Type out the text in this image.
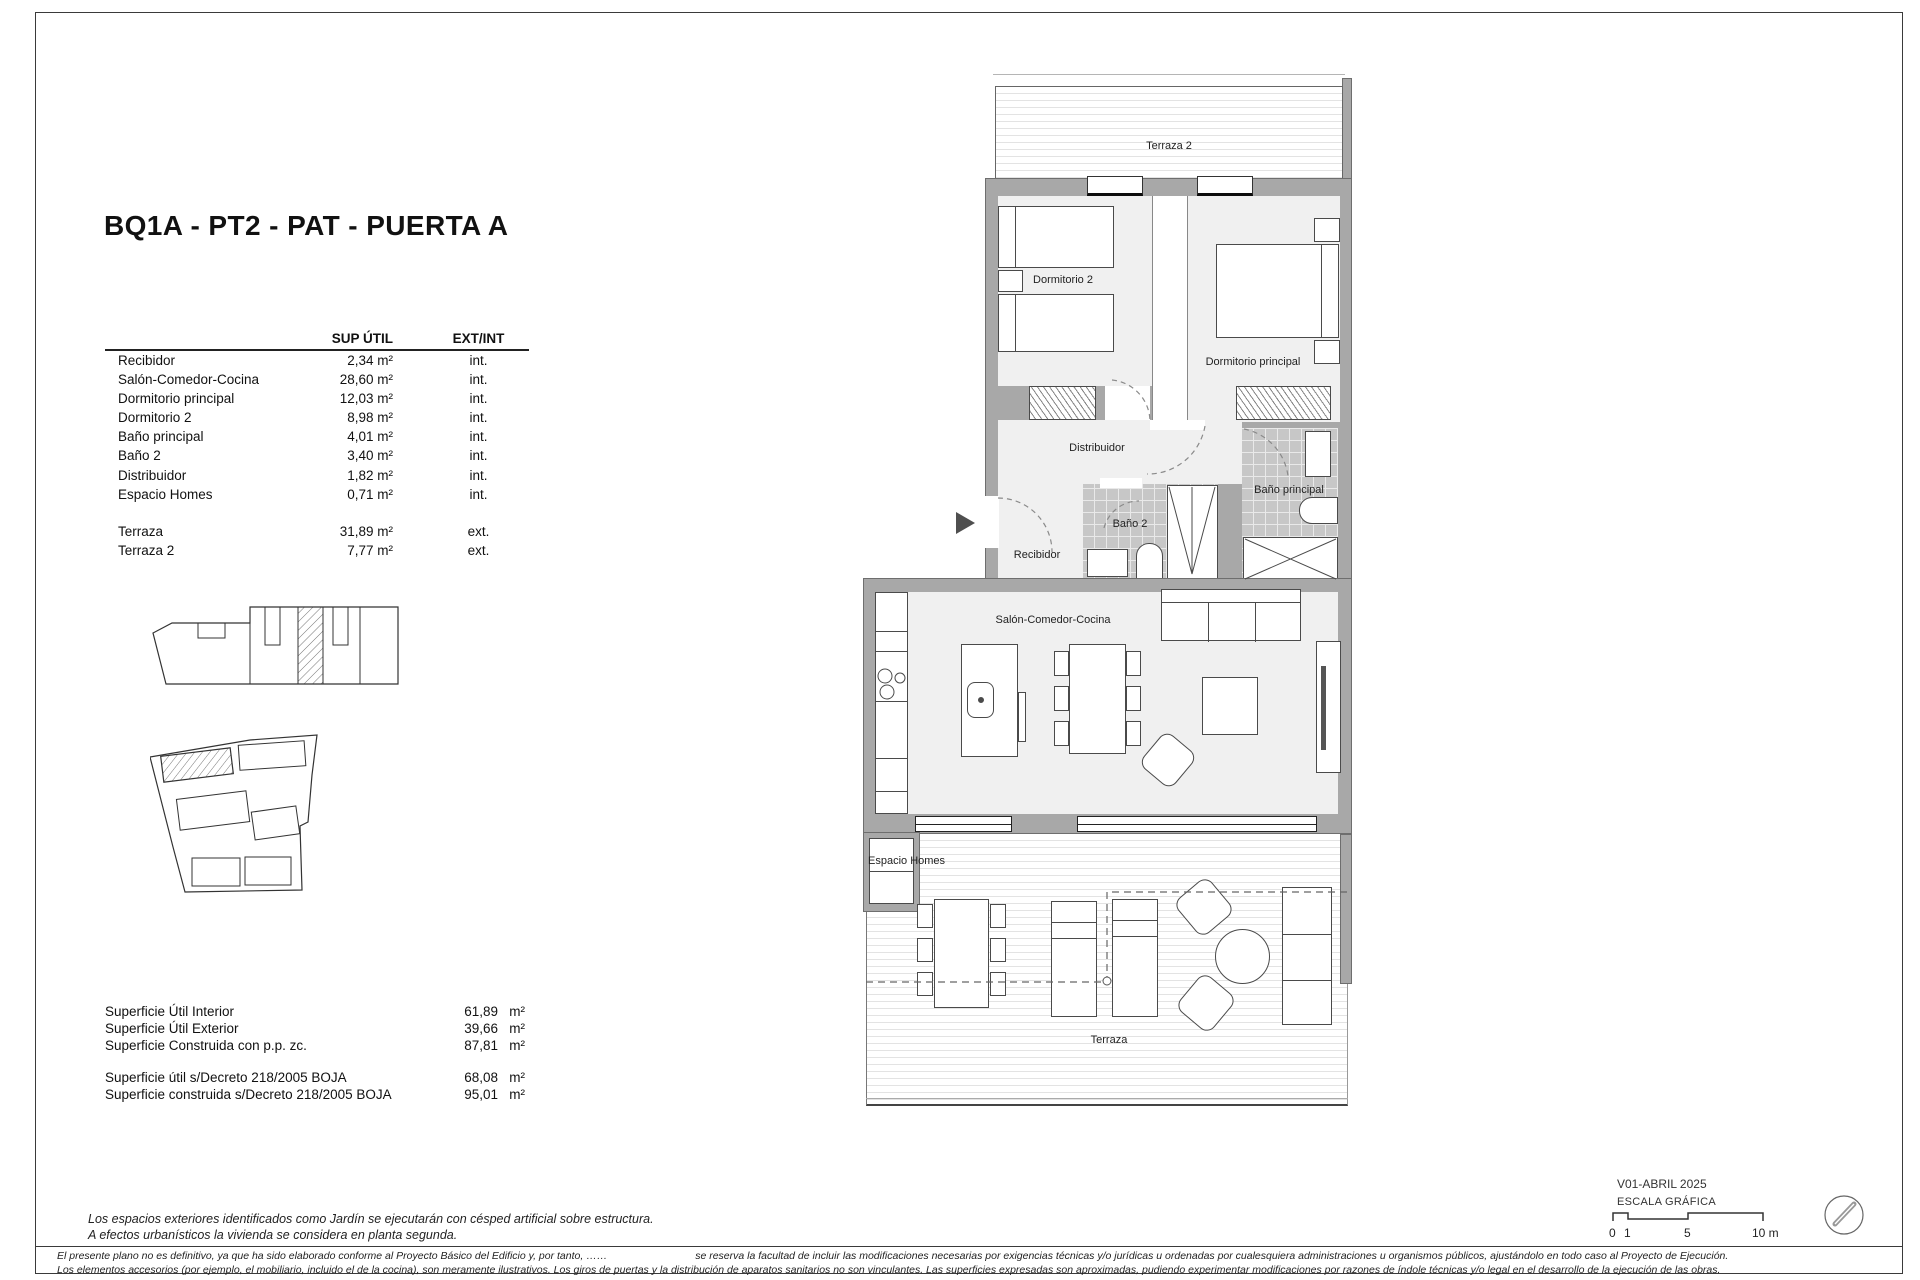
BQ1A - PT2 - PAT - PUERTA A
SUP ÚTIL	EXT/INT
Recibidor	2,34 m²	int.
Salón-Comedor-Cocina	28,60 m²	int.
Dormitorio principal	12,03 m²	int.
Dormitorio 2	8,98 m²	int.
Baño principal	4,01 m²	int.
Baño 2	3,40 m²	int.
Distribuidor	1,82 m²	int.
Espacio Homes	0,71 m²	int.
Terraza	31,89 m²	ext.
Terraza 2	7,77 m²	ext.
Superficie Útil Interior	61,89 m²
Superficie Útil Exterior	39,66 m²
Superficie Construida con p.p. zc.	87,81 m²
Superficie útil s/Decreto 218/2005 BOJA	68,08 m²
Superficie construida s/Decreto 218/2005 BOJA	95,01 m²
Los espacios exteriores identificados como Jardín se ejecutarán con césped artificial sobre estructura.
A efectos urbanísticos la vivienda se considera en planta segunda.
El presente plano no es definitivo, ya que ha sido elaborado conforme al Proyecto Básico del Edificio y, por tanto, ……	se reserva la facultad de incluir las modificaciones necesarias por exigencias técnicas y/o jurídicas u ordenadas por cualesquiera administraciones u organismos públicos, ajustándolo en todo caso al Proyecto de Ejecución.
Los elementos accesorios (por ejemplo, el mobiliario, incluido el de la cocina), son meramente ilustrativos. Los giros de puertas y la distribución de aparatos sanitarios no son vinculantes. Las superficies expresadas son aproximadas, pudiendo experimentar modificaciones por razones de índole técnicas y/o legal en el desarrollo de la ejecución de las obras.
V01-ABRIL 2025
ESCALA GRÁFICA
0 1	5	10 m
Terraza 2
Dormitorio 2
Dormitorio principal
Distribuidor
Baño principal
Baño 2
Recibidor
Salón-Comedor-Cocina
Espacio Homes
Terraza
